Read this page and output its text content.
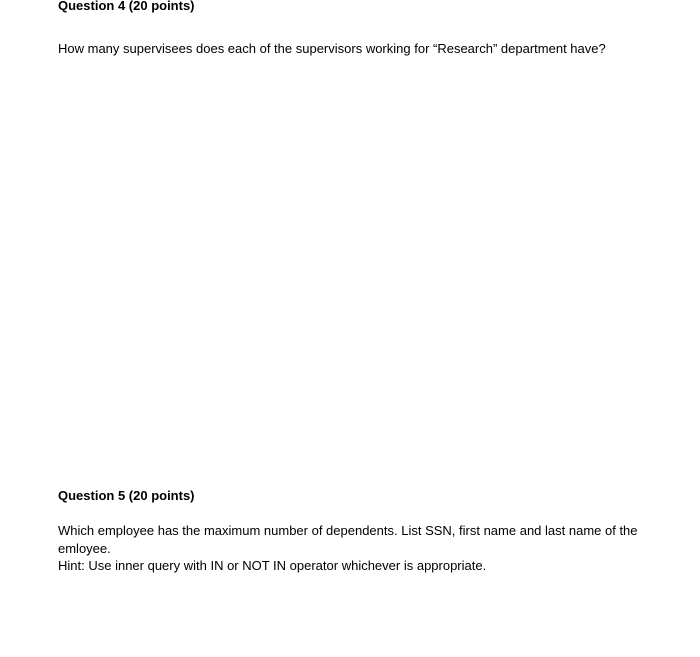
Question 4 (20 points)
How many supervisees does each of the supervisors working for “Research” department have?
Question 5 (20 points)
Which employee has the maximum number of dependents. List SSN, first name and last name of the emloyee.
Hint: Use inner query with IN or NOT IN operator whichever is appropriate.
